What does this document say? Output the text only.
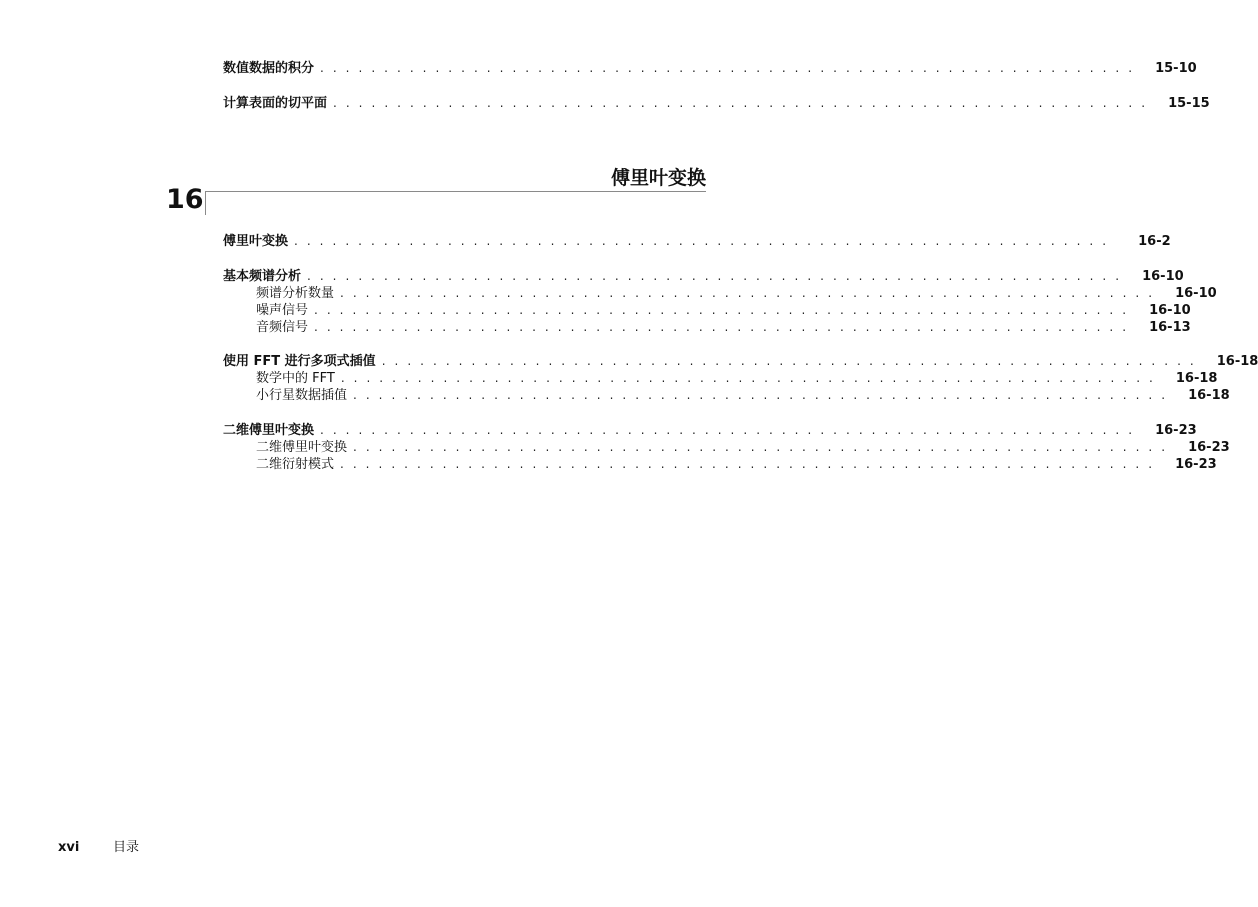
数值数据的积分 . . . . . . . . . . . . . . . . . . . . . . . . . . . . . . . . . . . . . . . . . . . . . . . . . . . . . . . . . . . . . . . .	15-10
计算表面的切平面 . . . . . . . . . . . . . . . . . . . . . . . . . . . . . . . . . . . . . . . . . . . . . . . . . . . . . . . . . . . . . . . .	15-15
傅里叶变换
16
傅里叶变换 . . . . . . . . . . . . . . . . . . . . . . . . . . . . . . . . . . . . . . . . . . . . . . . . . . . . . . . . . . . . . . . .	16-2
基本频谱分析 . . . . . . . . . . . . . . . . . . . . . . . . . . . . . . . . . . . . . . . . . . . . . . . . . . . . . . . . . . . . . . . .	16-10
频谱分析数量 . . . . . . . . . . . . . . . . . . . . . . . . . . . . . . . . . . . . . . . . . . . . . . . . . . . . . . . . . . . . . . . .	16-10
噪声信号 . . . . . . . . . . . . . . . . . . . . . . . . . . . . . . . . . . . . . . . . . . . . . . . . . . . . . . . . . . . . . . . .	16-10
音频信号 . . . . . . . . . . . . . . . . . . . . . . . . . . . . . . . . . . . . . . . . . . . . . . . . . . . . . . . . . . . . . . . .	16-13
使用 FFT 进行多项式插值 . . . . . . . . . . . . . . . . . . . . . . . . . . . . . . . . . . . . . . . . . . . . . . . . . . . . . . . . . . . . . . . .	16-18
数学中的 FFT . . . . . . . . . . . . . . . . . . . . . . . . . . . . . . . . . . . . . . . . . . . . . . . . . . . . . . . . . . . . . . . .	16-18
小行星数据插值 . . . . . . . . . . . . . . . . . . . . . . . . . . . . . . . . . . . . . . . . . . . . . . . . . . . . . . . . . . . . . . . .	16-18
二维傅里叶变换 . . . . . . . . . . . . . . . . . . . . . . . . . . . . . . . . . . . . . . . . . . . . . . . . . . . . . . . . . . . . . . . .	16-23
二维傅里叶变换 . . . . . . . . . . . . . . . . . . . . . . . . . . . . . . . . . . . . . . . . . . . . . . . . . . . . . . . . . . . . . . . .	16-23
二维衍射模式 . . . . . . . . . . . . . . . . . . . . . . . . . . . . . . . . . . . . . . . . . . . . . . . . . . . . . . . . . . . . . . . .	16-23
xvi	目录
